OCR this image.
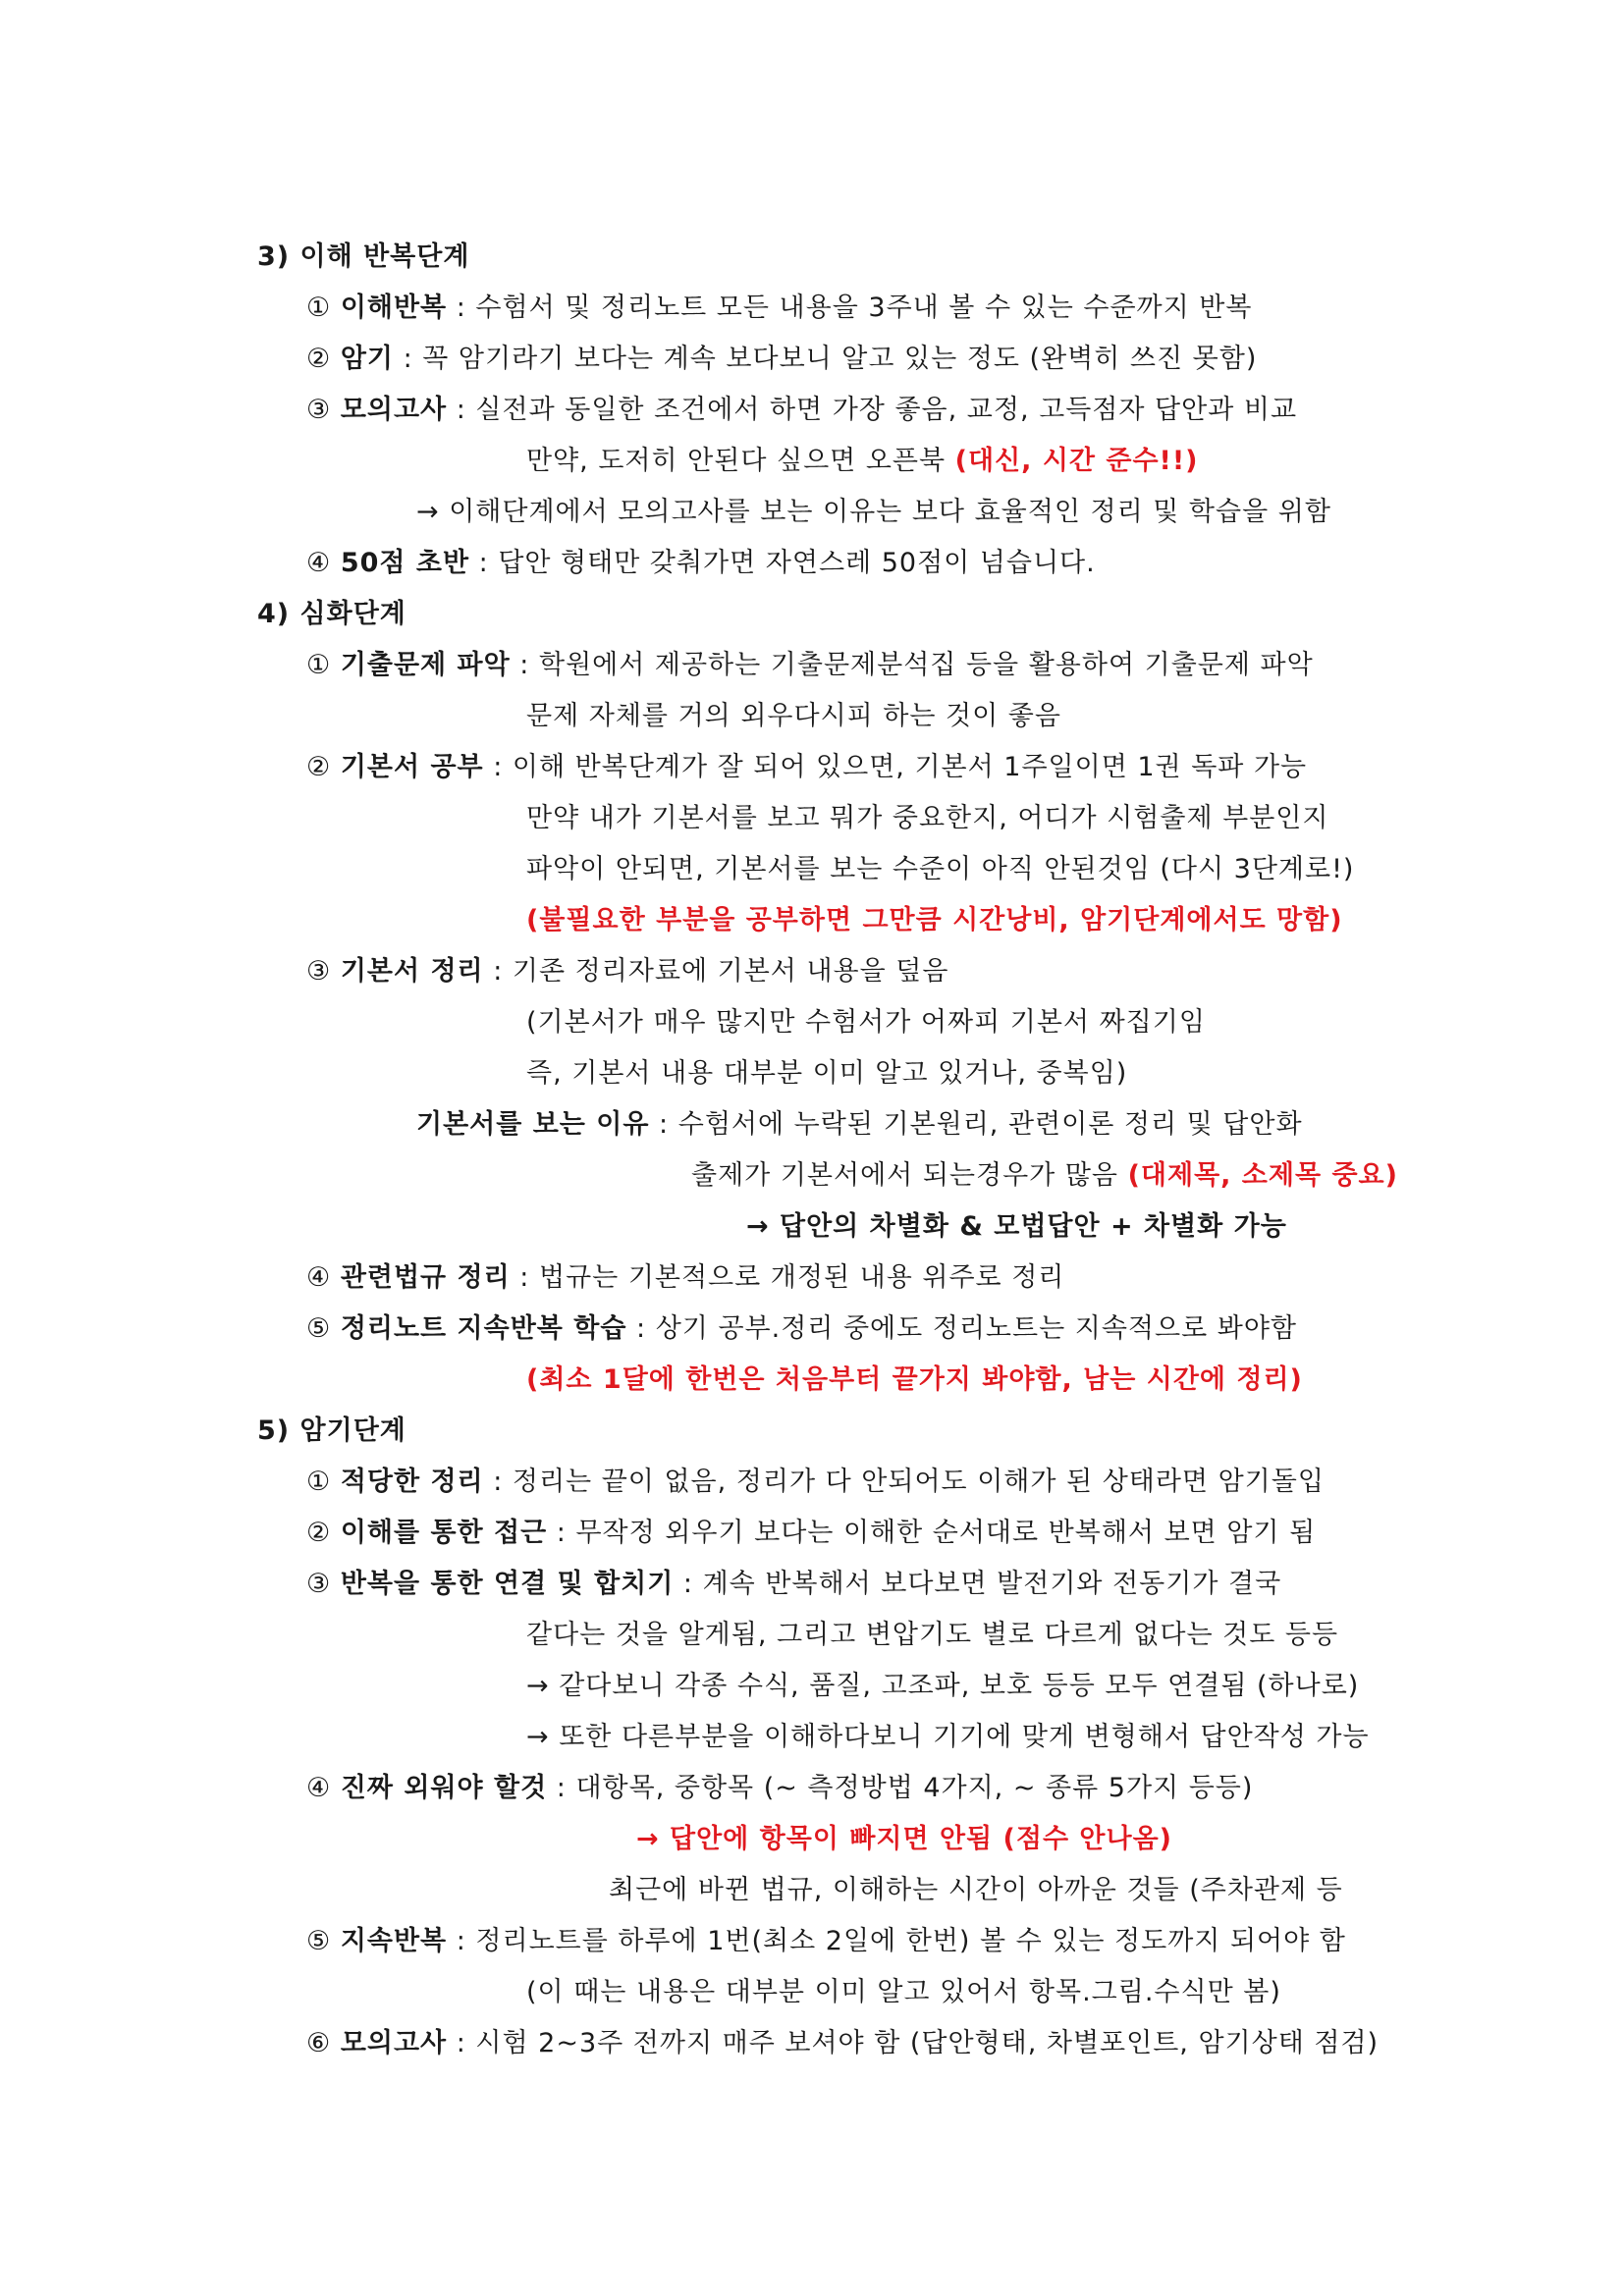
3) 이해 반복단계
① 이해반복 : 수험서 및 정리노트 모든 내용을 3주내 볼 수 있는 수준까지 반복
② 암기 : 꼭 암기라기 보다는 계속 보다보니 알고 있는 정도 (완벽히 쓰진 못함)
③ 모의고사 : 실전과 동일한 조건에서 하면 가장 좋음, 교정, 고득점자 답안과 비교
만약, 도저히 안된다 싶으면 오픈북 (대신, 시간 준수!!)
→ 이해단계에서 모의고사를 보는 이유는 보다 효율적인 정리 및 학습을 위함
④ 50점 초반 : 답안 형태만 갖춰가면 자연스레 50점이 넘습니다.
4) 심화단계
① 기출문제 파악 : 학원에서 제공하는 기출문제분석집 등을 활용하여 기출문제 파악
문제 자체를 거의 외우다시피 하는 것이 좋음
② 기본서 공부 : 이해 반복단계가 잘 되어 있으면, 기본서 1주일이면 1권 독파 가능
만약 내가 기본서를 보고 뭐가 중요한지, 어디가 시험출제 부분인지
파악이 안되면, 기본서를 보는 수준이 아직 안된것임 (다시 3단계로!)
(불필요한 부분을 공부하면 그만큼 시간낭비, 암기단계에서도 망함)
③ 기본서 정리 : 기존 정리자료에 기본서 내용을 덮음
(기본서가 매우 많지만 수험서가 어짜피 기본서 짜집기임
즉, 기본서 내용 대부분 이미 알고 있거나, 중복임)
기본서를 보는 이유 : 수험서에 누락된 기본원리, 관련이론 정리 및 답안화
출제가 기본서에서 되는경우가 많음 (대제목, 소제목 중요)
→ 답안의 차별화 & 모법답안 + 차별화 가능
④ 관련법규 정리 : 법규는 기본적으로 개정된 내용 위주로 정리
⑤ 정리노트 지속반복 학습 : 상기 공부.정리 중에도 정리노트는 지속적으로 봐야함
(최소 1달에 한번은 처음부터 끝가지 봐야함, 남는 시간에 정리)
5) 암기단계
① 적당한 정리 : 정리는 끝이 없음, 정리가 다 안되어도 이해가 된 상태라면 암기돌입
② 이해를 통한 접근 : 무작정 외우기 보다는 이해한 순서대로 반복해서 보면 암기 됨
③ 반복을 통한 연결 및 합치기 : 계속 반복해서 보다보면 발전기와 전동기가 결국
같다는 것을 알게됨, 그리고 변압기도 별로 다르게 없다는 것도 등등
→ 같다보니 각종 수식, 품질, 고조파, 보호 등등 모두 연결됨 (하나로)
→ 또한 다른부분을 이해하다보니 기기에 맞게 변형해서 답안작성 가능
④ 진짜 외워야 할것 : 대항목, 중항목 (~ 측정방법 4가지, ~ 종류 5가지 등등)
→ 답안에 항목이 빠지면 안됨 (점수 안나옴)
최근에 바뀐 법규, 이해하는 시간이 아까운 것들 (주차관제 등
⑤ 지속반복 : 정리노트를 하루에 1번(최소 2일에 한번) 볼 수 있는 정도까지 되어야 함
(이 때는 내용은 대부분 이미 알고 있어서 항목.그림.수식만 봄)
⑥ 모의고사 : 시험 2~3주 전까지 매주 보셔야 함 (답안형태, 차별포인트, 암기상태 점검)
